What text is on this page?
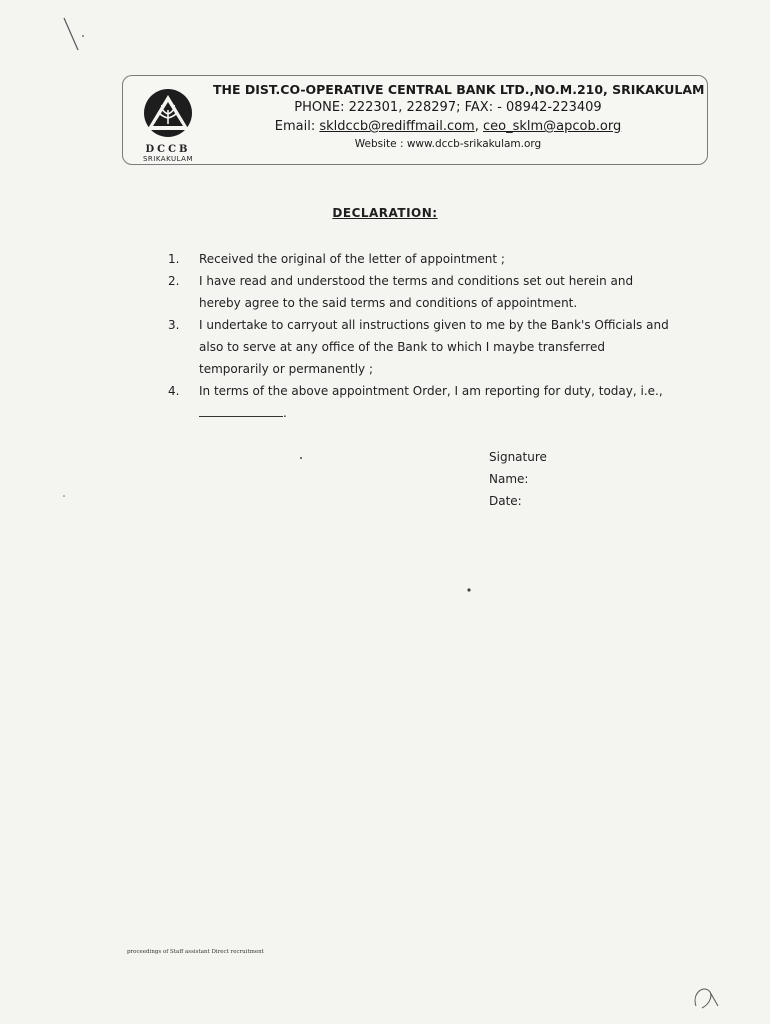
DCCB
SRIKAKULAM
THE DIST.CO-OPERATIVE CENTRAL BANK LTD.,NO.M.210, SRIKAKULAM
PHONE: 222301, 228297; FAX: - 08942-223409
Email: skldccb@rediffmail.com, ceo_sklm@apcob.org
Website : www.dccb-srikakulam.org
DECLARATION:
1. Received the original of the letter of appointment ;
2. I have read and understood the terms and conditions set out herein and hereby agree to the said terms and conditions of appointment.
3. I undertake to carryout all instructions given to me by the Bank's Officials and also to serve at any office of the Bank to which I maybe transferred temporarily or permanently ;
4. In terms of the above appointment Order, I am reporting for duty, today, i.e., .
Signature
Name:
Date:
proceedings of Staff assistant Direct recruitment
